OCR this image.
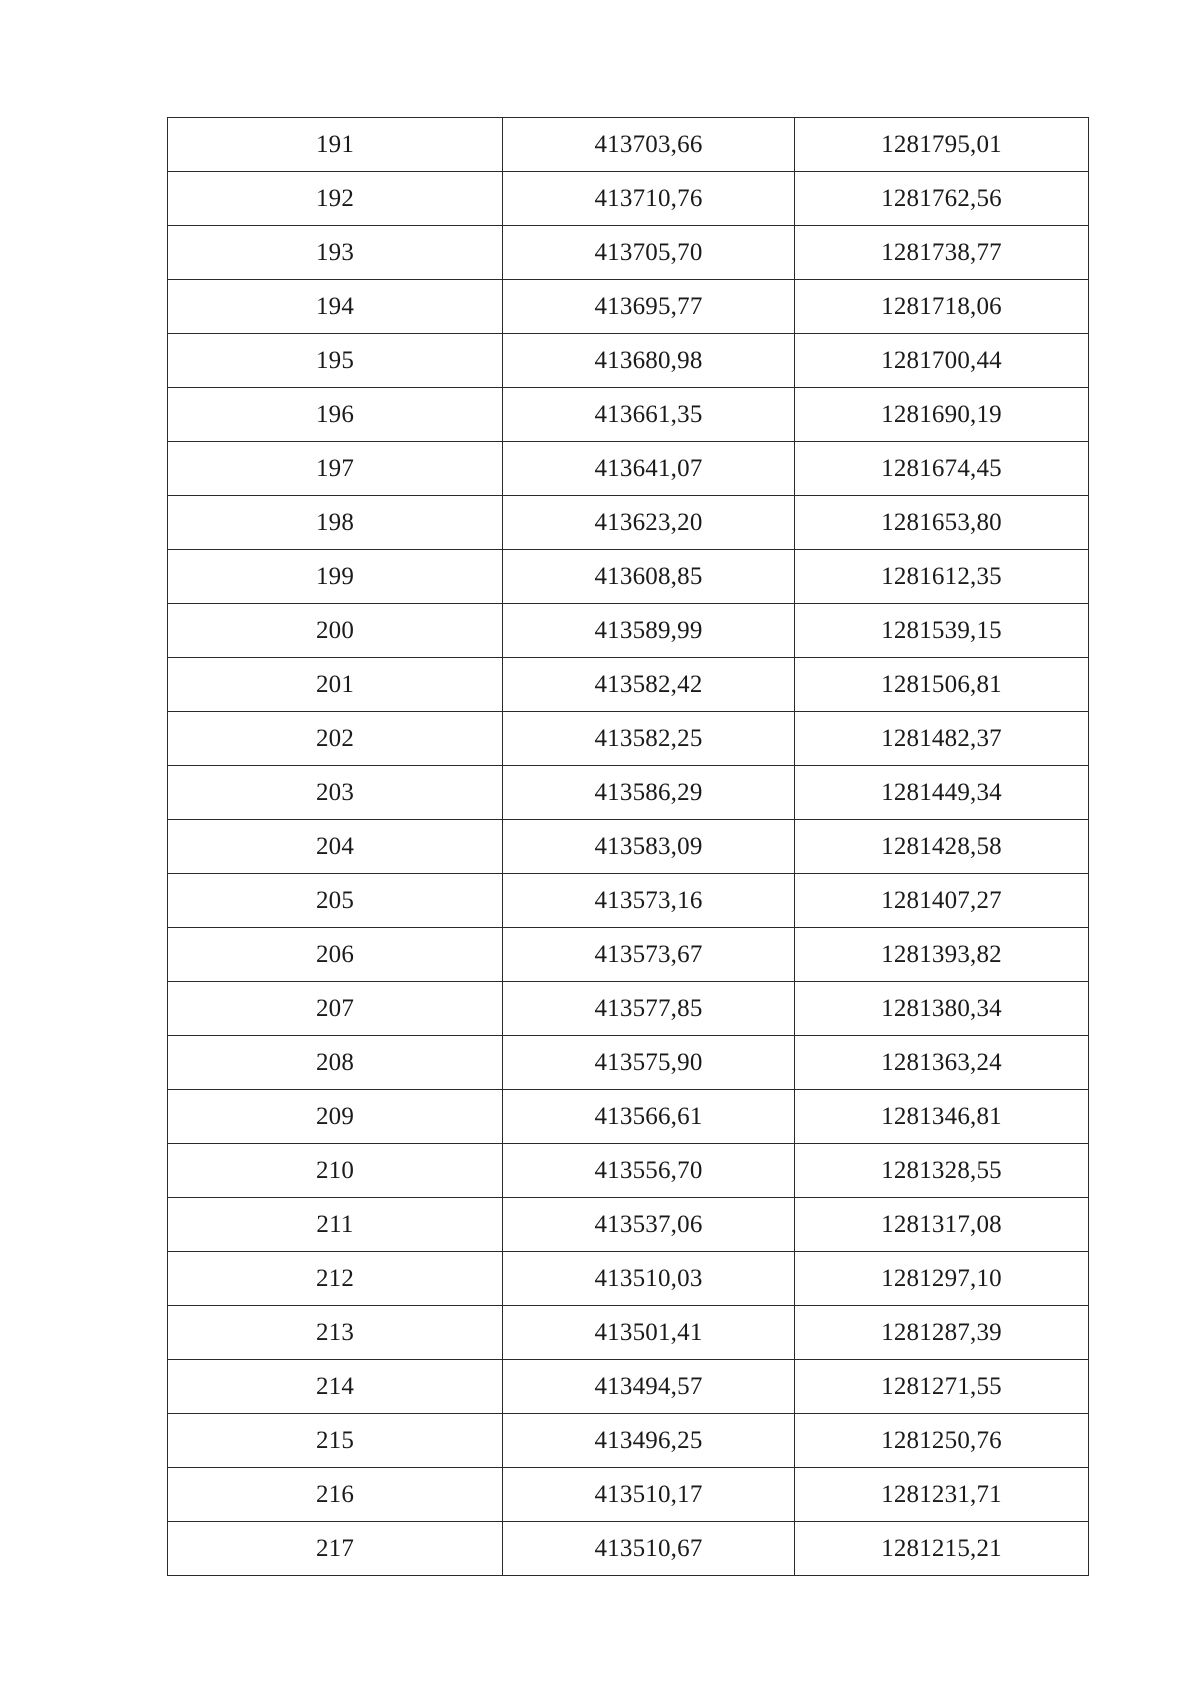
191	413703,66	1281795,01
192	413710,76	1281762,56
193	413705,70	1281738,77
194	413695,77	1281718,06
195	413680,98	1281700,44
196	413661,35	1281690,19
197	413641,07	1281674,45
198	413623,20	1281653,80
199	413608,85	1281612,35
200	413589,99	1281539,15
201	413582,42	1281506,81
202	413582,25	1281482,37
203	413586,29	1281449,34
204	413583,09	1281428,58
205	413573,16	1281407,27
206	413573,67	1281393,82
207	413577,85	1281380,34
208	413575,90	1281363,24
209	413566,61	1281346,81
210	413556,70	1281328,55
211	413537,06	1281317,08
212	413510,03	1281297,10
213	413501,41	1281287,39
214	413494,57	1281271,55
215	413496,25	1281250,76
216	413510,17	1281231,71
217	413510,67	1281215,21
